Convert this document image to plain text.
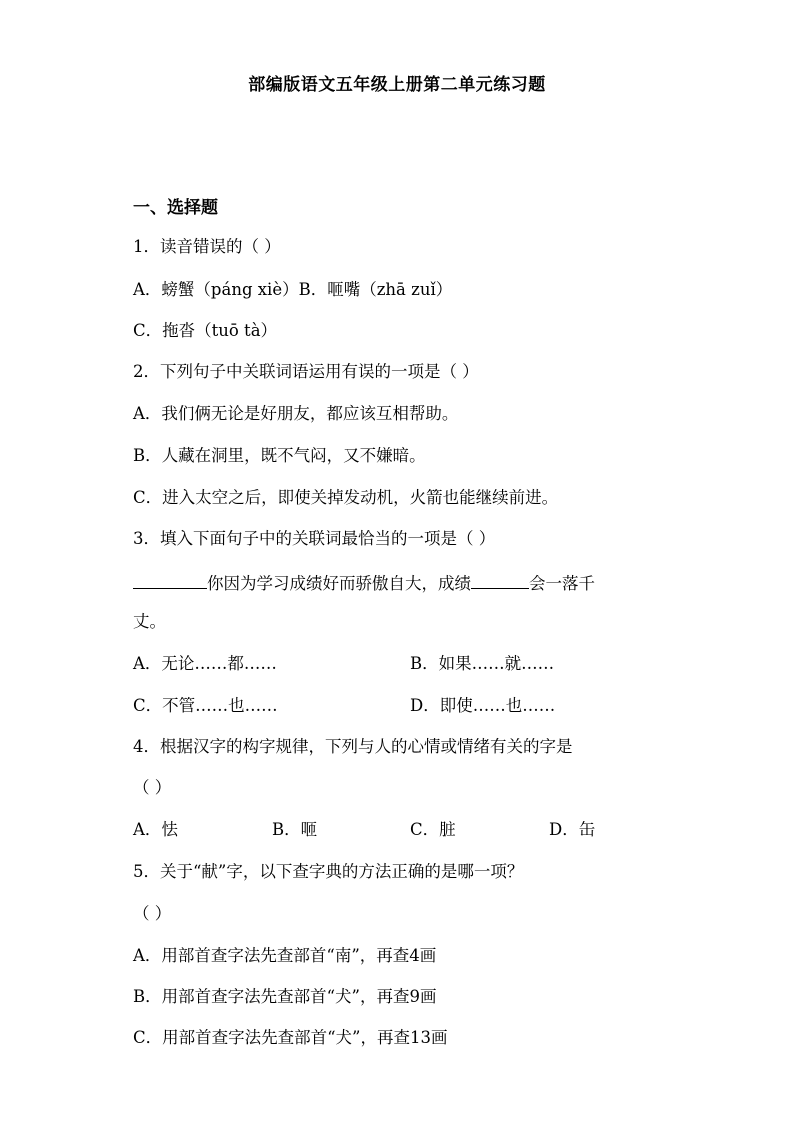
部编版语文五年级上册第二单元练习题
一、选择题
1．读音错误的（ ）
A．螃蟹（páng xiè）B．咂嘴（zhā zuǐ）
C．拖沓（tuō tà）
2．下列句子中关联词语运用有误的一项是（ ）
A．我们俩无论是好朋友，都应该互相帮助。
B．人藏在洞里，既不气闷，又不嫌暗。
C．进入太空之后，即使关掉发动机，火箭也能继续前进。
3．填入下面句子中的关联词最恰当的一项是（ ）
你因为学习成绩好而骄傲自大，成绩	会一落千
丈。
A．无论……都……	B．如果……就……
C．不管……也……	D．即使……也……
4．根据汉字的构字规律，下列与人的心情或情绪有关的字是
（ ）
A．怯	B．咂	C．脏	D．缶
5．关于“献”字，以下查字典的方法正确的是哪一项？
（ ）
A．用部首查字法先查部首“南”，再查4画
B．用部首查字法先查部首“犬”，再查9画
C．用部首查字法先查部首“犬”，再查13画
